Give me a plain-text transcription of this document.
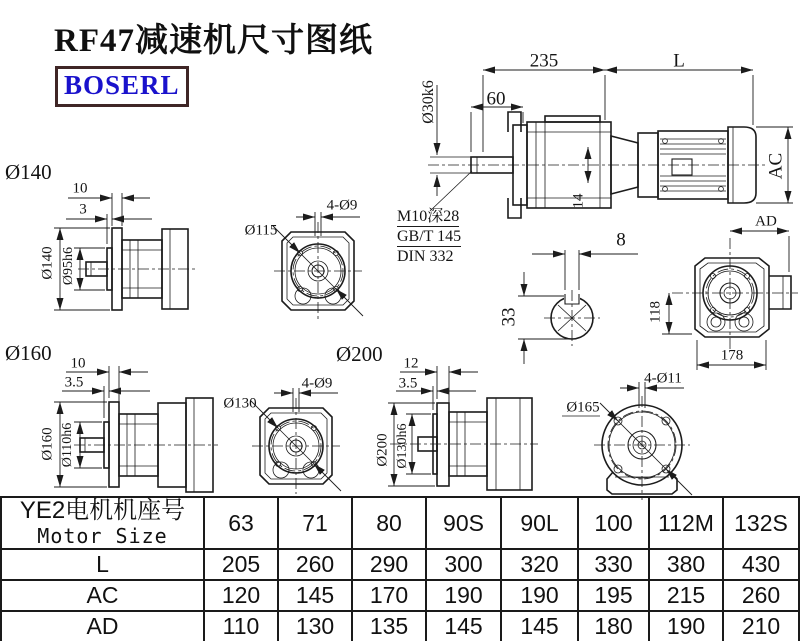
RF47减速机尺寸图纸
BOSERL
235	L
60
Ø30k6
AC
14
M10深28
GB/T 145
DIN 332
8
33
AD
118
178
Ø140
10
3
Ø140 Ø95h6
4-Ø9
Ø115
Ø160 10
3.5
Ø160 Ø110h6
4-Ø9
Ø130
Ø200 12
3.5
Ø200 Ø130h6
4-Ø11
Ø165
YE2电机机座号
Motor Size	63	71	80	90S	90L	100	112M	132S
L	205	260	290	300	320	330	380	430
AC	120	145	170	190	190	195	215	260
AD	110	130	135	145	145	180	190	210
